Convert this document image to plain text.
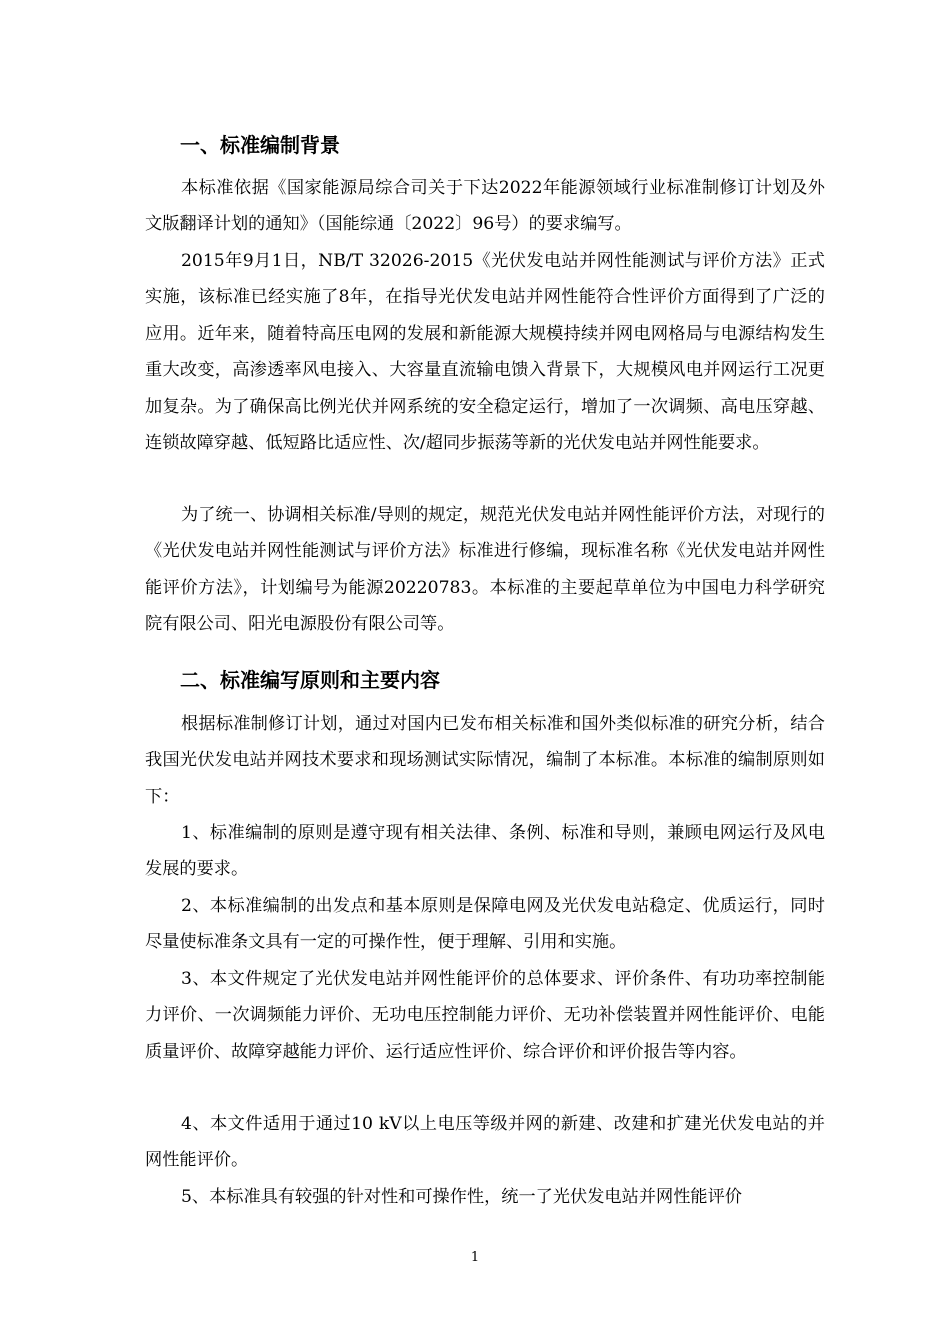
一、标准编制背景

本标准依据《国家能源局综合司关于下达2022年能源领域行业标准制修订计划及外文版翻译计划的通知》（国能综通〔2022〕96号）的要求编写。

2015年9月1日，NB/T 32026-2015《光伏发电站并网性能测试与评价方法》正式实施，该标准已经实施了8年，在指导光伏发电站并网性能符合性评价方面得到了广泛的应用。近年来，随着特高压电网的发展和新能源大规模持续并网电网格局与电源结构发生重大改变，高渗透率风电接入、大容量直流输电馈入背景下，大规模风电并网运行工况更加复杂。为了确保高比例光伏并网系统的安全稳定运行，增加了一次调频、高电压穿越、连锁故障穿越、低短路比适应性、次/超同步振荡等新的光伏发电站并网性能要求。

为了统一、协调相关标准/导则的规定，规范光伏发电站并网性能评价方法，对现行的《光伏发电站并网性能测试与评价方法》标准进行修编，现标准名称《光伏发电站并网性能评价方法》，计划编号为能源20220783。本标准的主要起草单位为中国电力科学研究院有限公司、阳光电源股份有限公司等。

二、标准编写原则和主要内容

根据标准制修订计划，通过对国内已发布相关标准和国外类似标准的研究分析，结合我国光伏发电站并网技术要求和现场测试实际情况，编制了本标准。本标准的编制原则如下：

1、标准编制的原则是遵守现有相关法律、条例、标准和导则，兼顾电网运行及风电发展的要求。

2、本标准编制的出发点和基本原则是保障电网及光伏发电站稳定、优质运行，同时尽量使标准条文具有一定的可操作性，便于理解、引用和实施。

3、本文件规定了光伏发电站并网性能评价的总体要求、评价条件、有功功率控制能力评价、一次调频能力评价、无功电压控制能力评价、无功补偿装置并网性能评价、电能质量评价、故障穿越能力评价、运行适应性评价、综合评价和评价报告等内容。

4、本文件适用于通过10 kV以上电压等级并网的新建、改建和扩建光伏发电站的并网性能评价。

5、本标准具有较强的针对性和可操作性，统一了光伏发电站并网性能评价

1
